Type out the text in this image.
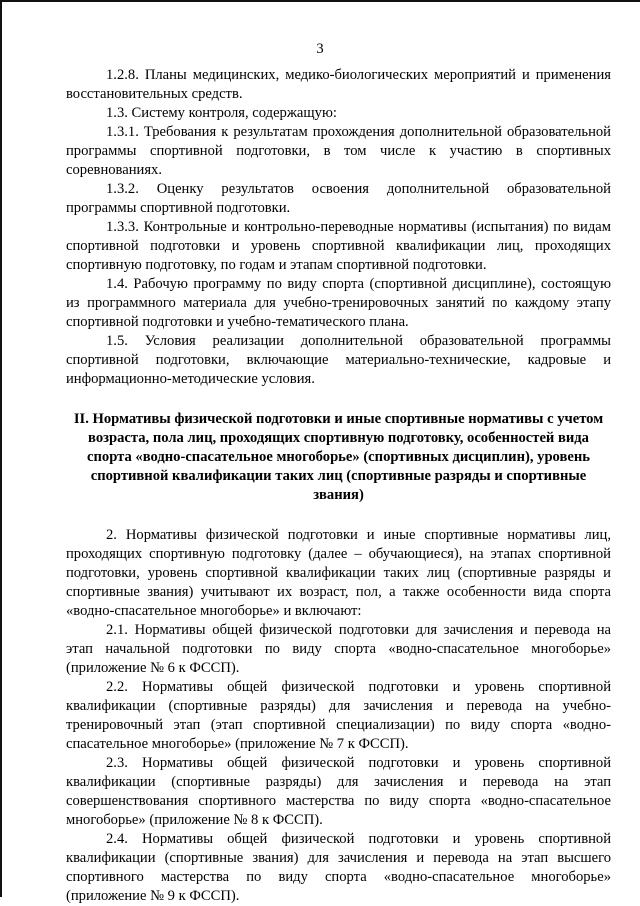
3

1.2.8. Планы медицинских, медико-биологических мероприятий и применения восстановительных средств.

1.3. Систему контроля, содержащую:

1.3.1. Требования к результатам прохождения дополнительной образовательной программы спортивной подготовки, в том числе к участию в спортивных соревнованиях.

1.3.2. Оценку результатов освоения дополнительной образовательной программы спортивной подготовки.

1.3.3. Контрольные и контрольно-переводные нормативы (испытания) по видам спортивной подготовки и уровень спортивной квалификации лиц, проходящих спортивную подготовку, по годам и этапам спортивной подготовки.

1.4. Рабочую программу по виду спорта (спортивной дисциплине), состоящую из программного материала для учебно-тренировочных занятий по каждому этапу спортивной подготовки и учебно-тематического плана.

1.5. Условия реализации дополнительной образовательной программы спортивной подготовки, включающие материально-технические, кадровые и информационно-методические условия.

II. Нормативы физической подготовки и иные спортивные нормативы с учетом возраста, пола лиц, проходящих спортивную подготовку, особенностей вида спорта «водно-спасательное многоборье» (спортивных дисциплин), уровень спортивной квалификации таких лиц (спортивные разряды и спортивные звания)

2. Нормативы физической подготовки и иные спортивные нормативы лиц, проходящих спортивную подготовку (далее – обучающиеся), на этапах спортивной подготовки, уровень спортивной квалификации таких лиц (спортивные разряды и спортивные звания) учитывают их возраст, пол, а также особенности вида спорта «водно-спасательное многоборье» и включают:

2.1. Нормативы общей физической подготовки для зачисления и перевода на этап начальной подготовки по виду спорта «водно-спасательное многоборье» (приложение № 6 к ФССП).

2.2. Нормативы общей физической подготовки и уровень спортивной квалификации (спортивные разряды) для зачисления и перевода на учебно-тренировочный этап (этап спортивной специализации) по виду спорта «водно-спасательное многоборье» (приложение № 7 к ФССП).

2.3. Нормативы общей физической подготовки и уровень спортивной квалификации (спортивные разряды) для зачисления и перевода на этап совершенствования спортивного мастерства по виду спорта «водно-спасательное многоборье» (приложение № 8 к ФССП).

2.4. Нормативы общей физической подготовки и уровень спортивной квалификации (спортивные звания) для зачисления и перевода на этап высшего спортивного мастерства по виду спорта «водно-спасательное многоборье» (приложение № 9 к ФССП).
